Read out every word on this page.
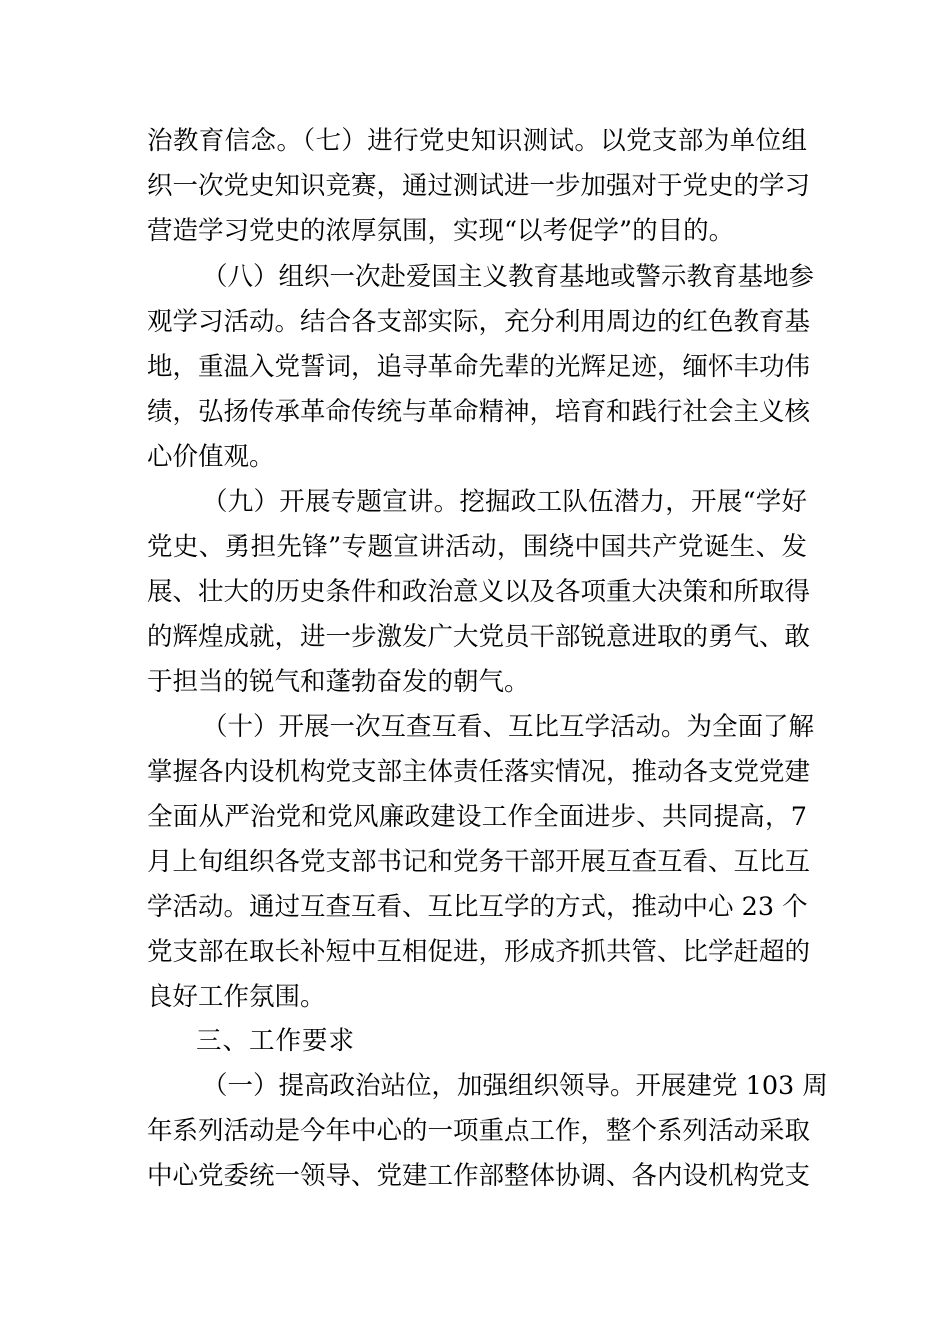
治教育信念。（七）进行党史知识测试。以党支部为单位组
织一次党史知识竞赛，通过测试进一步加强对于党史的学习
营造学习党史的浓厚氛围，实现“以考促学”的目的。
（八）组织一次赴爱国主义教育基地或警示教育基地参
观学习活动。结合各支部实际，充分利用周边的红色教育基
地，重温入党誓词，追寻革命先辈的光辉足迹，缅怀丰功伟
绩，弘扬传承革命传统与革命精神，培育和践行社会主义核
心价值观。
（九）开展专题宣讲。挖掘政工队伍潜力，开展“学好
党史、勇担先锋”专题宣讲活动，围绕中国共产党诞生、发
展、壮大的历史条件和政治意义以及各项重大决策和所取得
的辉煌成就，进一步激发广大党员干部锐意进取的勇气、敢
于担当的锐气和蓬勃奋发的朝气。
（十）开展一次互查互看、互比互学活动。为全面了解
掌握各内设机构党支部主体责任落实情况，推动各支党党建
全面从严治党和党风廉政建设工作全面进步、共同提高，7
月上旬组织各党支部书记和党务干部开展互查互看、互比互
学活动。通过互查互看、互比互学的方式，推动中心 23 个
党支部在取长补短中互相促进，形成齐抓共管、比学赶超的
良好工作氛围。
三、工作要求
（一）提高政治站位，加强组织领导。开展建党 103 周
年系列活动是今年中心的一项重点工作，整个系列活动采取
中心党委统一领导、党建工作部整体协调、各内设机构党支
